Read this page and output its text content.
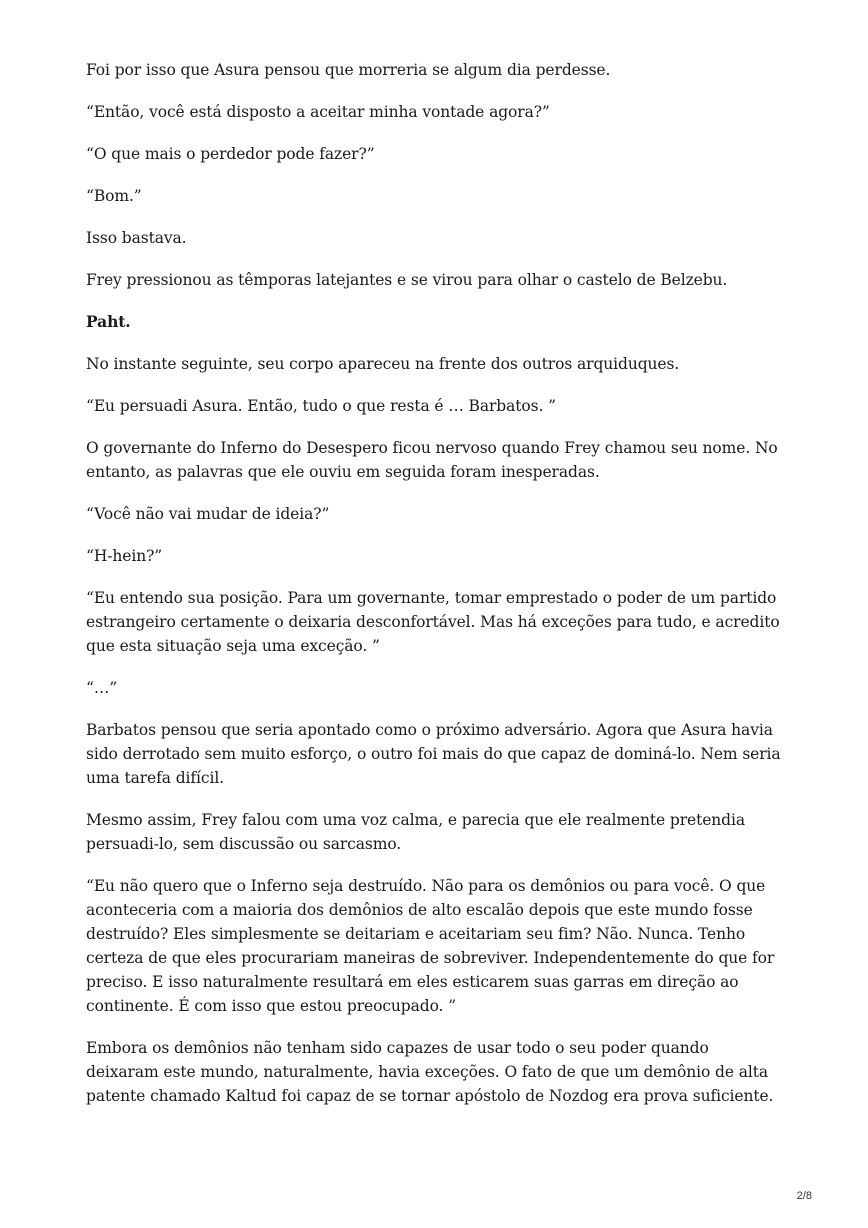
Foi por isso que Asura pensou que morreria se algum dia perdesse.

“Então, você está disposto a aceitar minha vontade agora?”

“O que mais o perdedor pode fazer?”

“Bom.”

Isso bastava.

Frey pressionou as têmporas latejantes e se virou para olhar o castelo de Belzebu.

Paht.

No instante seguinte, seu corpo apareceu na frente dos outros arquiduques.

“Eu persuadi Asura. Então, tudo o que resta é … Barbatos. ”

O governante do Inferno do Desespero ficou nervoso quando Frey chamou seu nome. No entanto, as palavras que ele ouviu em seguida foram inesperadas.

“Você não vai mudar de ideia?”

“H-hein?”

“Eu entendo sua posição. Para um governante, tomar emprestado o poder de um partido estrangeiro certamente o deixaria desconfortável. Mas há exceções para tudo, e acredito que esta situação seja uma exceção. ”

“…”

Barbatos pensou que seria apontado como o próximo adversário. Agora que Asura havia sido derrotado sem muito esforço, o outro foi mais do que capaz de dominá-lo. Nem seria uma tarefa difícil.

Mesmo assim, Frey falou com uma voz calma, e parecia que ele realmente pretendia persuadi-lo, sem discussão ou sarcasmo.

“Eu não quero que o Inferno seja destruído. Não para os demônios ou para você. O que aconteceria com a maioria dos demônios de alto escalão depois que este mundo fosse destruído? Eles simplesmente se deitariam e aceitariam seu fim? Não. Nunca. Tenho certeza de que eles procurariam maneiras de sobreviver. Independentemente do que for preciso. E isso naturalmente resultará em eles esticarem suas garras em direção ao continente. É com isso que estou preocupado. ”

Embora os demônios não tenham sido capazes de usar todo o seu poder quando deixaram este mundo, naturalmente, havia exceções. O fato de que um demônio de alta patente chamado Kaltud foi capaz de se tornar apóstolo de Nozdog era prova suficiente.

2/8
